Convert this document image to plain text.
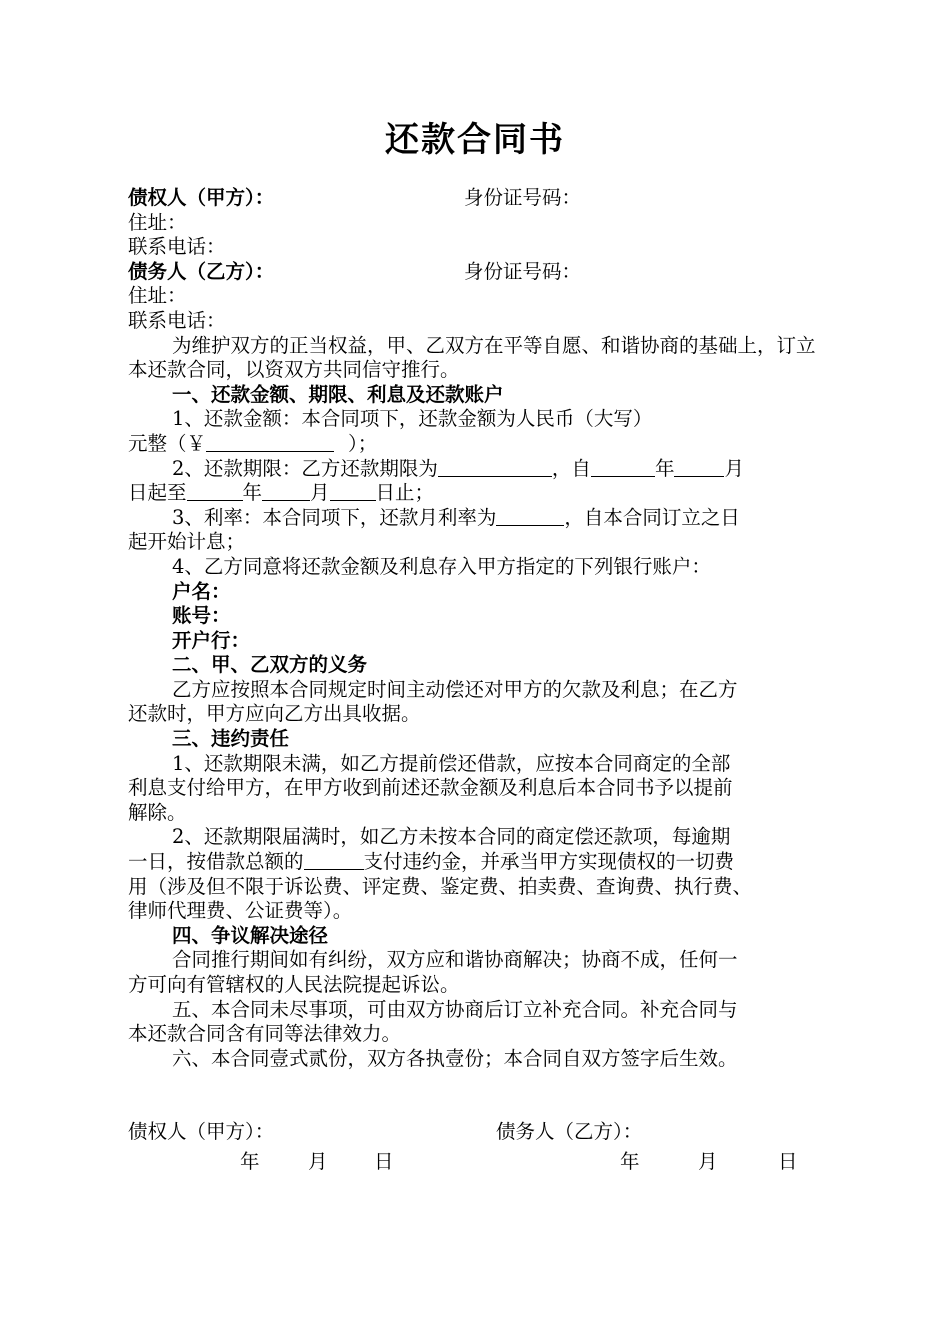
还款合同书
债权人（甲方）：	身份证号码：
住址：
联系电话：
债务人（乙方）：	身份证号码：
住址：
联系电话：
为维护双方的正当权益，甲、乙双方在平等自愿、和谐协商的基础上，订立本还款合同，以资双方共同信守推行。
一、还款金额、期限、利息及还款账户
1、还款金额：本合同项下，还款金额为人民币（大写）
元整（￥	）；
2、还款期限：乙方还款期限为	，自	年	月
日起至	年 月 日止；
3、利率：本合同项下，还款月利率为	，自本合同订立之日
起开始计息；
4、乙方同意将还款金额及利息存入甲方指定的下列银行账户：
户名：
账号：
开户行：
二、甲、乙双方的义务
乙方应按照本合同规定时间主动偿还对甲方的欠款及利息；在乙方
还款时，甲方应向乙方出具收据。
三、违约责任
1、还款期限未满，如乙方提前偿还借款，应按本合同商定的全部
利息支付给甲方，在甲方收到前述还款金额及利息后本合同书予以提前
解除。
2、还款期限届满时，如乙方未按本合同的商定偿还款项，每逾期
一日，按借款总额的	支付违约金，并承当甲方实现债权的一切费
用（涉及但不限于诉讼费、评定费、鉴定费、拍卖费、查询费、执行费、
律师代理费、公证费等）。
四、争议解决途径
合同推行期间如有纠纷，双方应和谐协商解决；协商不成，任何一
方可向有管辖权的人民法院提起诉讼。
五、本合同未尽事项，可由双方协商后订立补充合同。补充合同与
本还款合同含有同等法律效力。
六、本合同壹式贰份，双方各执壹份；本合同自双方签字后生效。
债权人（甲方）：	债务人（乙方）：
年 月 日	年	月	日
